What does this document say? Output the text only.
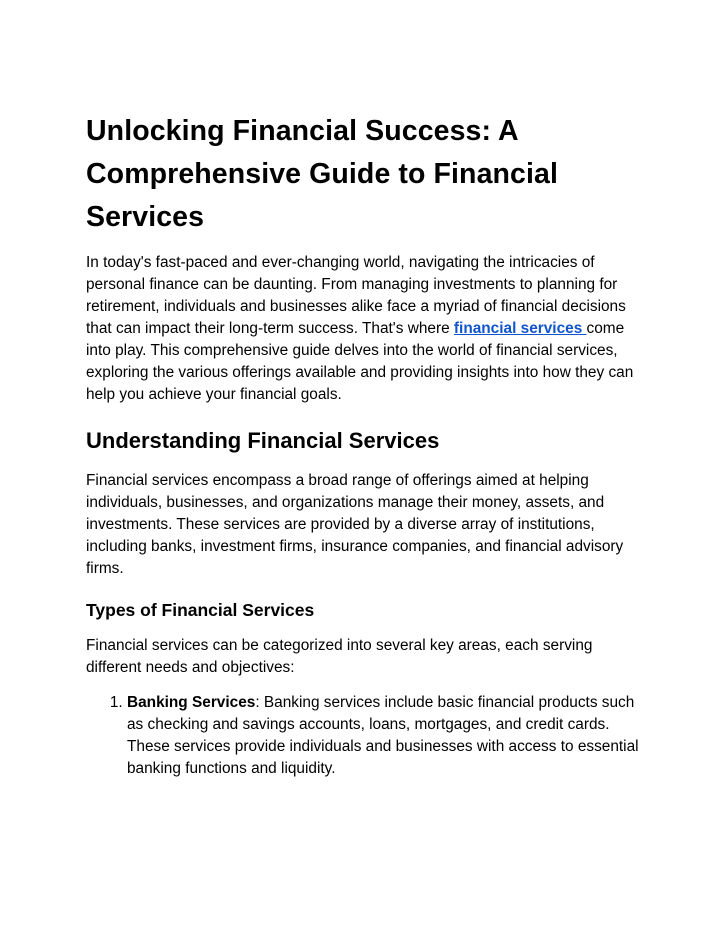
Unlocking Financial Success: A Comprehensive Guide to Financial Services

In today's fast-paced and ever-changing world, navigating the intricacies of personal finance can be daunting. From managing investments to planning for retirement, individuals and businesses alike face a myriad of financial decisions that can impact their long-term success. That's where financial services come into play. This comprehensive guide delves into the world of financial services, exploring the various offerings available and providing insights into how they can help you achieve your financial goals.

Understanding Financial Services

Financial services encompass a broad range of offerings aimed at helping individuals, businesses, and organizations manage their money, assets, and investments. These services are provided by a diverse array of institutions, including banks, investment firms, insurance companies, and financial advisory firms.

Types of Financial Services

Financial services can be categorized into several key areas, each serving different needs and objectives:

1. Banking Services: Banking services include basic financial products such as checking and savings accounts, loans, mortgages, and credit cards. These services provide individuals and businesses with access to essential banking functions and liquidity.
